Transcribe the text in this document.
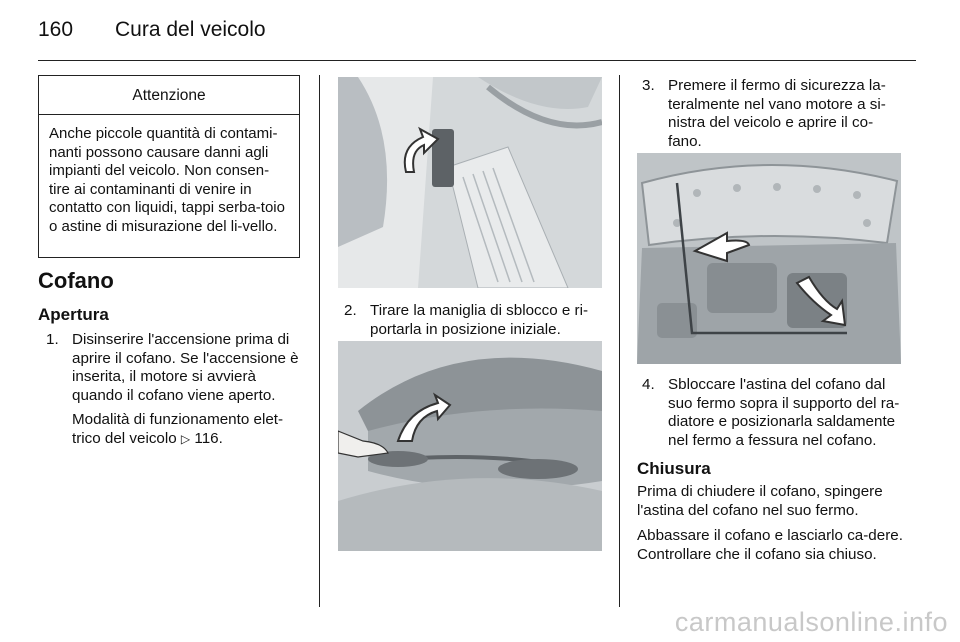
160	Cura del veicolo
Attenzione
Anche piccole quantità di contami-nanti possono causare danni agli impianti del veicolo. Non consen-tire ai contaminanti di venire in contatto con liquidi, tappi serba-toio o astine di misurazione del li-vello.
Cofano
Apertura
1. Disinserire l'accensione prima di aprire il cofano. Se l'accensione è inserita, il motore si avvierà quando il cofano viene aperto.
Modalità di funzionamento elet-trico del veicolo ▷ 116.
2. Tirare la maniglia di sblocco e ri-portarla in posizione iniziale.
3. Premere il fermo di sicurezza la-teralmente nel vano motore a si-nistra del veicolo e aprire il co-fano.
4. Sbloccare l'astina del cofano dal suo fermo sopra il supporto del ra-diatore e posizionarla saldamente nel fermo a fessura nel cofano.
Chiusura
Prima di chiudere il cofano, spingere l'astina del cofano nel suo fermo.
Abbassare il cofano e lasciarlo ca-dere. Controllare che il cofano sia chiuso.
carmanualsonline.info
